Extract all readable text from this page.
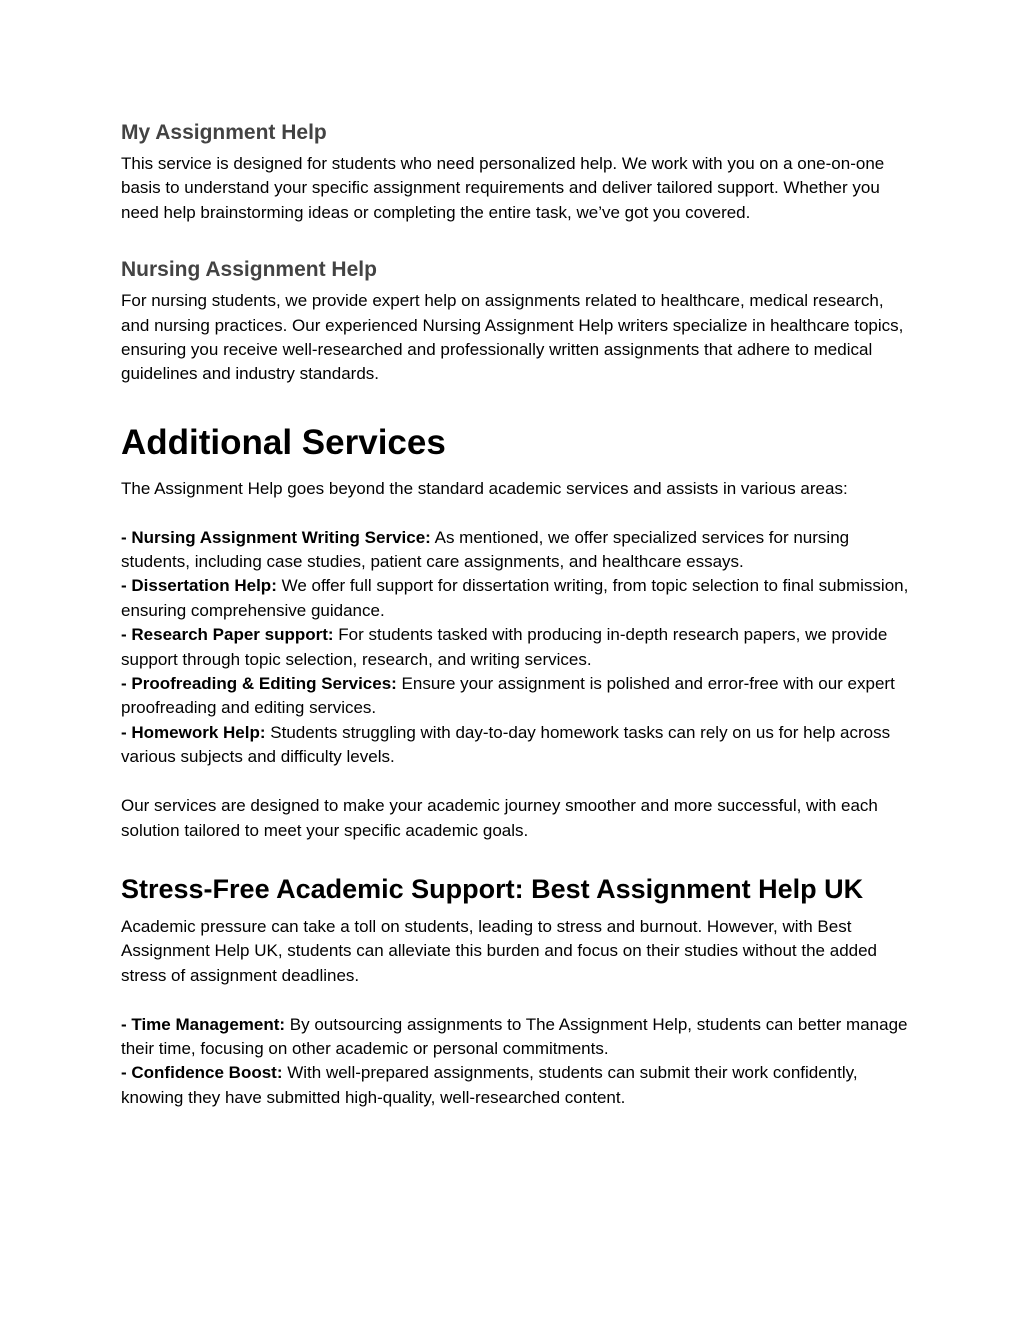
My Assignment Help

This service is designed for students who need personalized help. We work with you on a one-on-one basis to understand your specific assignment requirements and deliver tailored support. Whether you need help brainstorming ideas or completing the entire task, we’ve got you covered.

Nursing Assignment Help

For nursing students, we provide expert help on assignments related to healthcare, medical research, and nursing practices. Our experienced Nursing Assignment Help writers specialize in healthcare topics, ensuring you receive well-researched and professionally written assignments that adhere to medical guidelines and industry standards.

Additional Services

The Assignment Help goes beyond the standard academic services and assists in various areas:

- Nursing Assignment Writing Service: As mentioned, we offer specialized services for nursing students, including case studies, patient care assignments, and healthcare essays.

- Dissertation Help: We offer full support for dissertation writing, from topic selection to final submission, ensuring comprehensive guidance.

- Research Paper support: For students tasked with producing in-depth research papers, we provide support through topic selection, research, and writing services.

- Proofreading & Editing Services: Ensure your assignment is polished and error-free with our expert proofreading and editing services.

- Homework Help: Students struggling with day-to-day homework tasks can rely on us for help across various subjects and difficulty levels.

Our services are designed to make your academic journey smoother and more successful, with each solution tailored to meet your specific academic goals.

Stress-Free Academic Support: Best Assignment Help UK

Academic pressure can take a toll on students, leading to stress and burnout. However, with Best Assignment Help UK, students can alleviate this burden and focus on their studies without the added stress of assignment deadlines.

- Time Management: By outsourcing assignments to The Assignment Help, students can better manage their time, focusing on other academic or personal commitments.

- Confidence Boost: With well-prepared assignments, students can submit their work confidently, knowing they have submitted high-quality, well-researched content.
